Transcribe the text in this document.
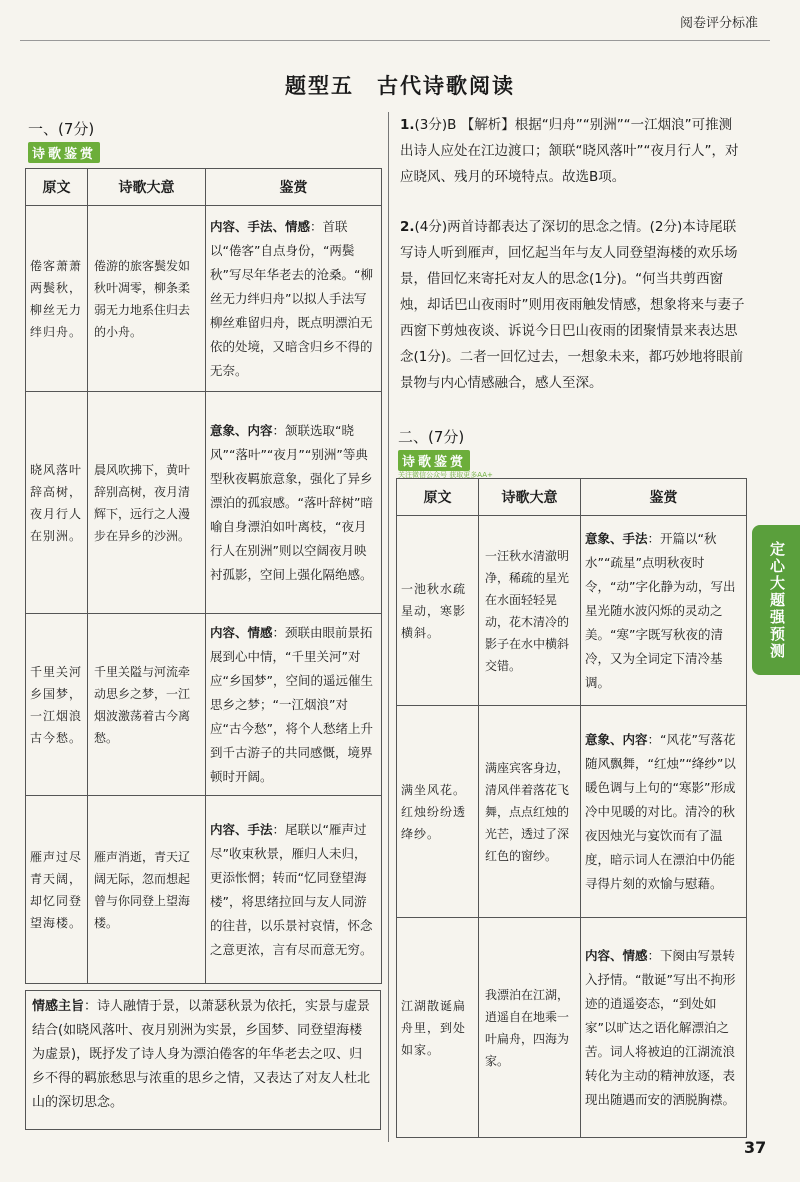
阅卷评分标准
题型五　古代诗歌阅读
一、(7分)
诗歌鉴赏
原文	诗歌大意	鉴赏
倦客萧萧两鬓秋，柳丝无力绊归舟。	倦游的旅客鬓发如秋叶凋零，柳条柔弱无力地系住归去的小舟。	内容、手法、情感：首联以“倦客”自点身份，“两鬓秋”写尽年华老去的沧桑。“柳丝无力绊归舟”以拟人手法写柳丝难留归舟，既点明漂泊无依的处境，又暗含归乡不得的无奈。
晓风落叶辞高树，夜月行人在别洲。	晨风吹拂下，黄叶辞别高树，夜月清辉下，远行之人漫步在异乡的沙洲。	意象、内容：颔联选取“晓风”“落叶”“夜月”“别洲”等典型秋夜羁旅意象，强化了异乡漂泊的孤寂感。“落叶辞树”暗喻自身漂泊如叶离枝，“夜月行人在别洲”则以空阔夜月映衬孤影，空间上强化隔绝感。
千里关河乡国梦，一江烟浪古今愁。	千里关隘与河流牵动思乡之梦，一江烟波激荡着古今离愁。	内容、情感：颈联由眼前景拓展到心中情，“千里关河”对应“乡国梦”，空间的遥远催生思乡之梦；“一江烟浪”对应“古今愁”，将个人愁绪上升到千古游子的共同感慨，境界顿时开阔。
雁声过尽青天阔，却忆同登望海楼。	雁声消逝，青天辽阔无际，忽而想起曾与你同登上望海楼。	内容、手法：尾联以“雁声过尽”收束秋景，雁归人未归，更添怅惘；转而“忆同登望海楼”，将思绪拉回与友人同游的往昔，以乐景衬哀情，怀念之意更浓，言有尽而意无穷。
情感主旨：诗人融情于景，以萧瑟秋景为依托，实景与虚景结合(如晓风落叶、夜月别洲为实景，乡国梦、同登望海楼为虚景)，既抒发了诗人身为漂泊倦客的年华老去之叹、归乡不得的羁旅愁思与浓重的思乡之情，又表达了对友人杜北山的深切思念。
1.(3分)B 【解析】根据“归舟”“别洲”“一江烟浪”可推测出诗人应处在江边渡口；颔联“晓风落叶”“夜月行人”，对应晓风、残月的环境特点。故选B项。
2.(4分)两首诗都表达了深切的思念之情。(2分)本诗尾联写诗人听到雁声，回忆起当年与友人同登望海楼的欢乐场景，借回忆来寄托对友人的思念(1分)。“何当共剪西窗烛，却话巴山夜雨时”则用夜雨触发情感，想象将来与妻子西窗下剪烛夜谈、诉说今日巴山夜雨的团聚情景来表达思念(1分)。二者一回忆过去，一想象未来，都巧妙地将眼前景物与内心情感融合，感人至深。
二、(7分)
诗歌鉴赏
关注微信公众号 获取更多AA+
原文	诗歌大意	鉴赏
一池秋水疏星动，寒影横斜。	一汪秋水清澈明净，稀疏的星光在水面轻轻晃动，花木清冷的影子在水中横斜交错。	意象、手法：开篇以“秋水”“疏星”点明秋夜时令，“动”字化静为动，写出星光随水波闪烁的灵动之美。“寒”字既写秋夜的清冷，又为全词定下清冷基调。
满坐风花。红烛纷纷透绛纱。	满座宾客身边，清风伴着落花飞舞，点点红烛的光芒，透过了深红色的窗纱。	意象、内容：“风花”写落花随风飘舞，“红烛”“绛纱”以暖色调与上句的“寒影”形成冷中见暖的对比。清冷的秋夜因烛光与宴饮而有了温度，暗示词人在漂泊中仍能寻得片刻的欢愉与慰藉。
江湖散诞扁舟里，到处如家。	我漂泊在江湖，逍遥自在地乘一叶扁舟，四海为家。	内容、情感：下阕由写景转入抒情。“散诞”写出不拘形迹的逍遥姿态，“到处如家”以旷达之语化解漂泊之苦。词人将被迫的江湖流浪转化为主动的精神放逐，表现出随遇而安的洒脱胸襟。
定心大题强预测
37
